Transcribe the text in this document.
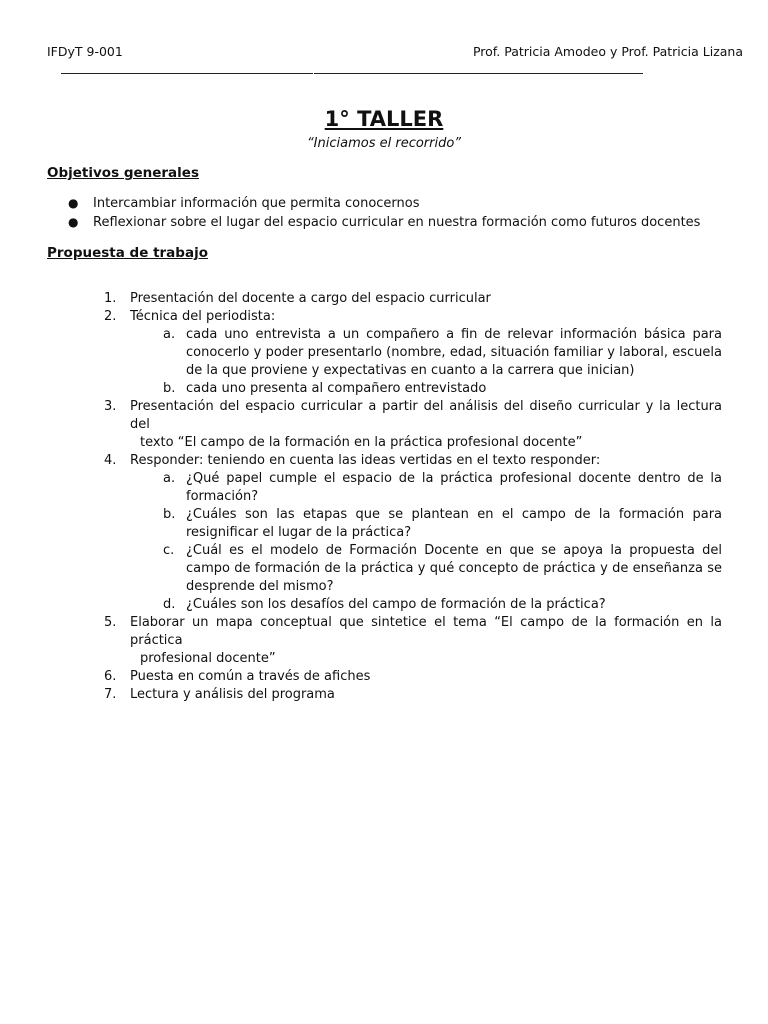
IFDyT 9-001	Prof. Patricia Amodeo y Prof. Patricia Lizana
1° TALLER
“Iniciamos el recorrido”
Objetivos generales
● Intercambiar información que permita conocernos
● Reflexionar sobre el lugar del espacio curricular en nuestra formación como futuros docentes
Propuesta de trabajo
1. Presentación del docente a cargo del espacio curricular
2. Técnica del periodista:
a. cada uno entrevista a un compañero a fin de relevar información básica para conocerlo y poder presentarlo (nombre, edad, situación familiar y laboral, escuela de la que proviene y expectativas en cuanto a la carrera que inician)
b. cada uno presenta al compañero entrevistado
3. Presentación del espacio curricular a partir del análisis del diseño curricular y la lectura del
texto “El campo de la formación en la práctica profesional docente”
4. Responder: teniendo en cuenta las ideas vertidas en el texto responder:
a. ¿Qué papel cumple el espacio de la práctica profesional docente dentro de la formación?
b. ¿Cuáles son las etapas que se plantean en el campo de la formación para resignificar el lugar de la práctica?
c. ¿Cuál es el modelo de Formación Docente en que se apoya la propuesta del campo de formación de la práctica y qué concepto de práctica y de enseñanza se desprende del mismo?
d. ¿Cuáles son los desafíos del campo de formación de la práctica?
5. Elaborar un mapa conceptual que sintetice el tema “El campo de la formación en la práctica
profesional docente”
6. Puesta en común a través de afiches
7. Lectura y análisis del programa
